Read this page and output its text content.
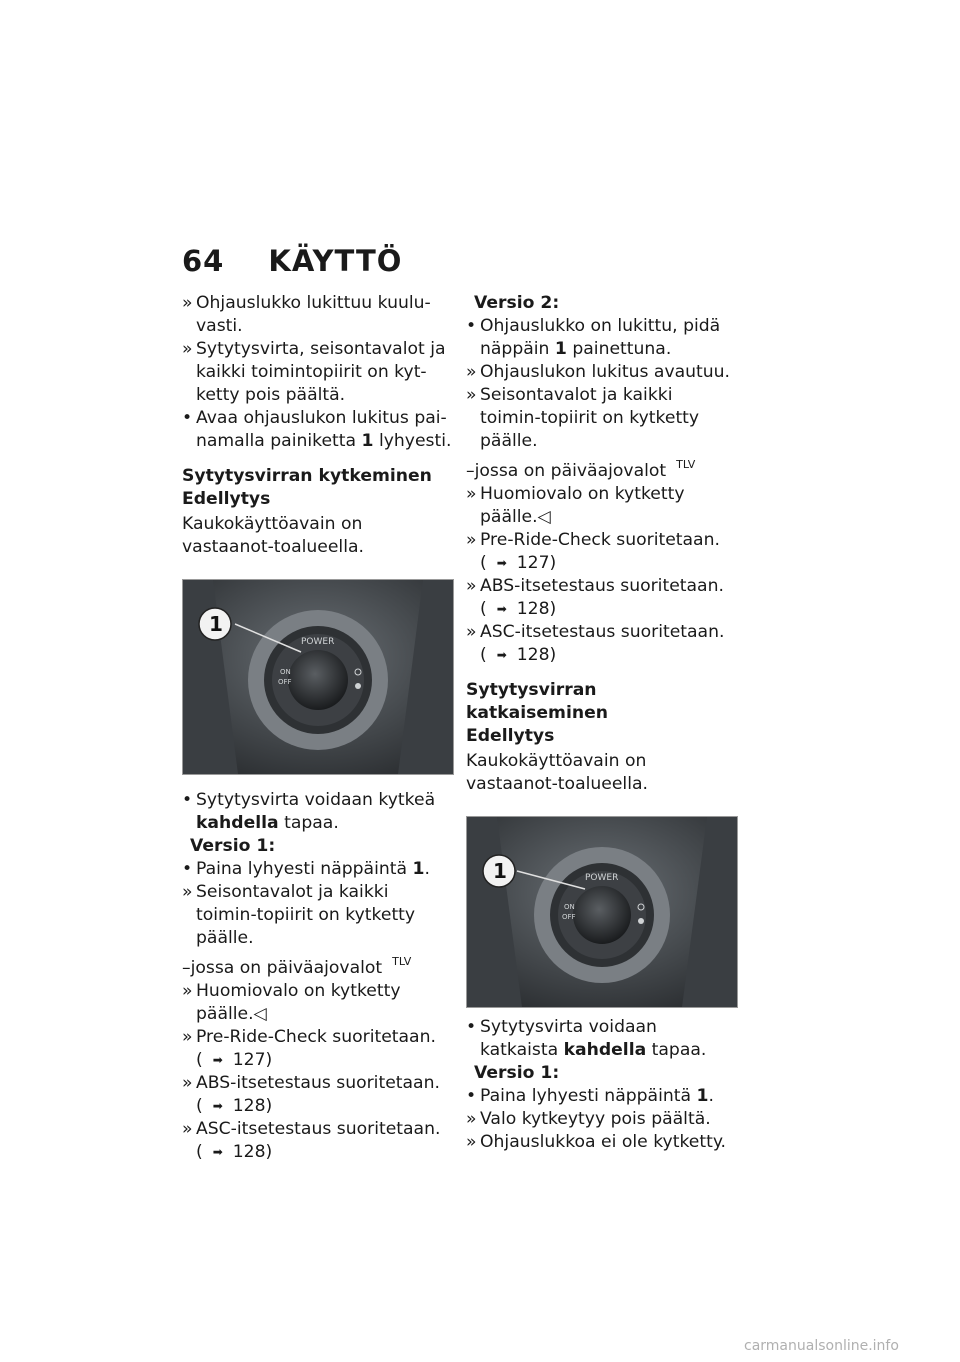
64 KÄYTTÖ
» Ohjauslukko lukittuu kuulu-vasti.
» Sytytysvirta, seisontavalot ja kaikki toimintopiirit on kyt-ketty pois päältä.
• Avaa ohjauslukon lukitus pai-namalla painiketta 1 lyhyesti.
Sytytysvirran kytkeminen
Edellytys
Kaukokäyttöavain on vastaanot-toalueella.
POWER
ON
OFF
1
• Sytytysvirta voidaan kytkeä kahdella tapaa.
Versio 1:
• Paina lyhyesti näppäintä 1.
» Seisontavalot ja kaikki toimin-topiirit on kytketty päälle.
–jossa on päiväajovalot $^{TLV}$
» Huomiovalo on kytketty päälle.◁
» Pre-Ride-Check suoritetaan.
( ➡ 127)
» ABS-itsetestaus suoritetaan.
( ➡ 128)
» ASC-itsetestaus suoritetaan.
( ➡ 128)
Versio 2:
• Ohjauslukko on lukittu, pidä näppäin 1 painettuna.
» Ohjauslukon lukitus avautuu.
» Seisontavalot ja kaikki toimin-topiirit on kytketty päälle.
–jossa on päiväajovalot $^{TLV}$
» Huomiovalo on kytketty päälle.◁
» Pre-Ride-Check suoritetaan.
( ➡ 127)
» ABS-itsetestaus suoritetaan.
( ➡ 128)
» ASC-itsetestaus suoritetaan.
( ➡ 128)
Sytytysvirran katkaiseminen
Edellytys
Kaukokäyttöavain on vastaanot-toalueella.
POWER
ON
OFF
1
• Sytytysvirta voidaan katkaista kahdella tapaa.
Versio 1:
• Paina lyhyesti näppäintä 1.
» Valo kytkeytyy pois päältä.
» Ohjauslukkoa ei ole kytketty.
carmanualsonline.info
